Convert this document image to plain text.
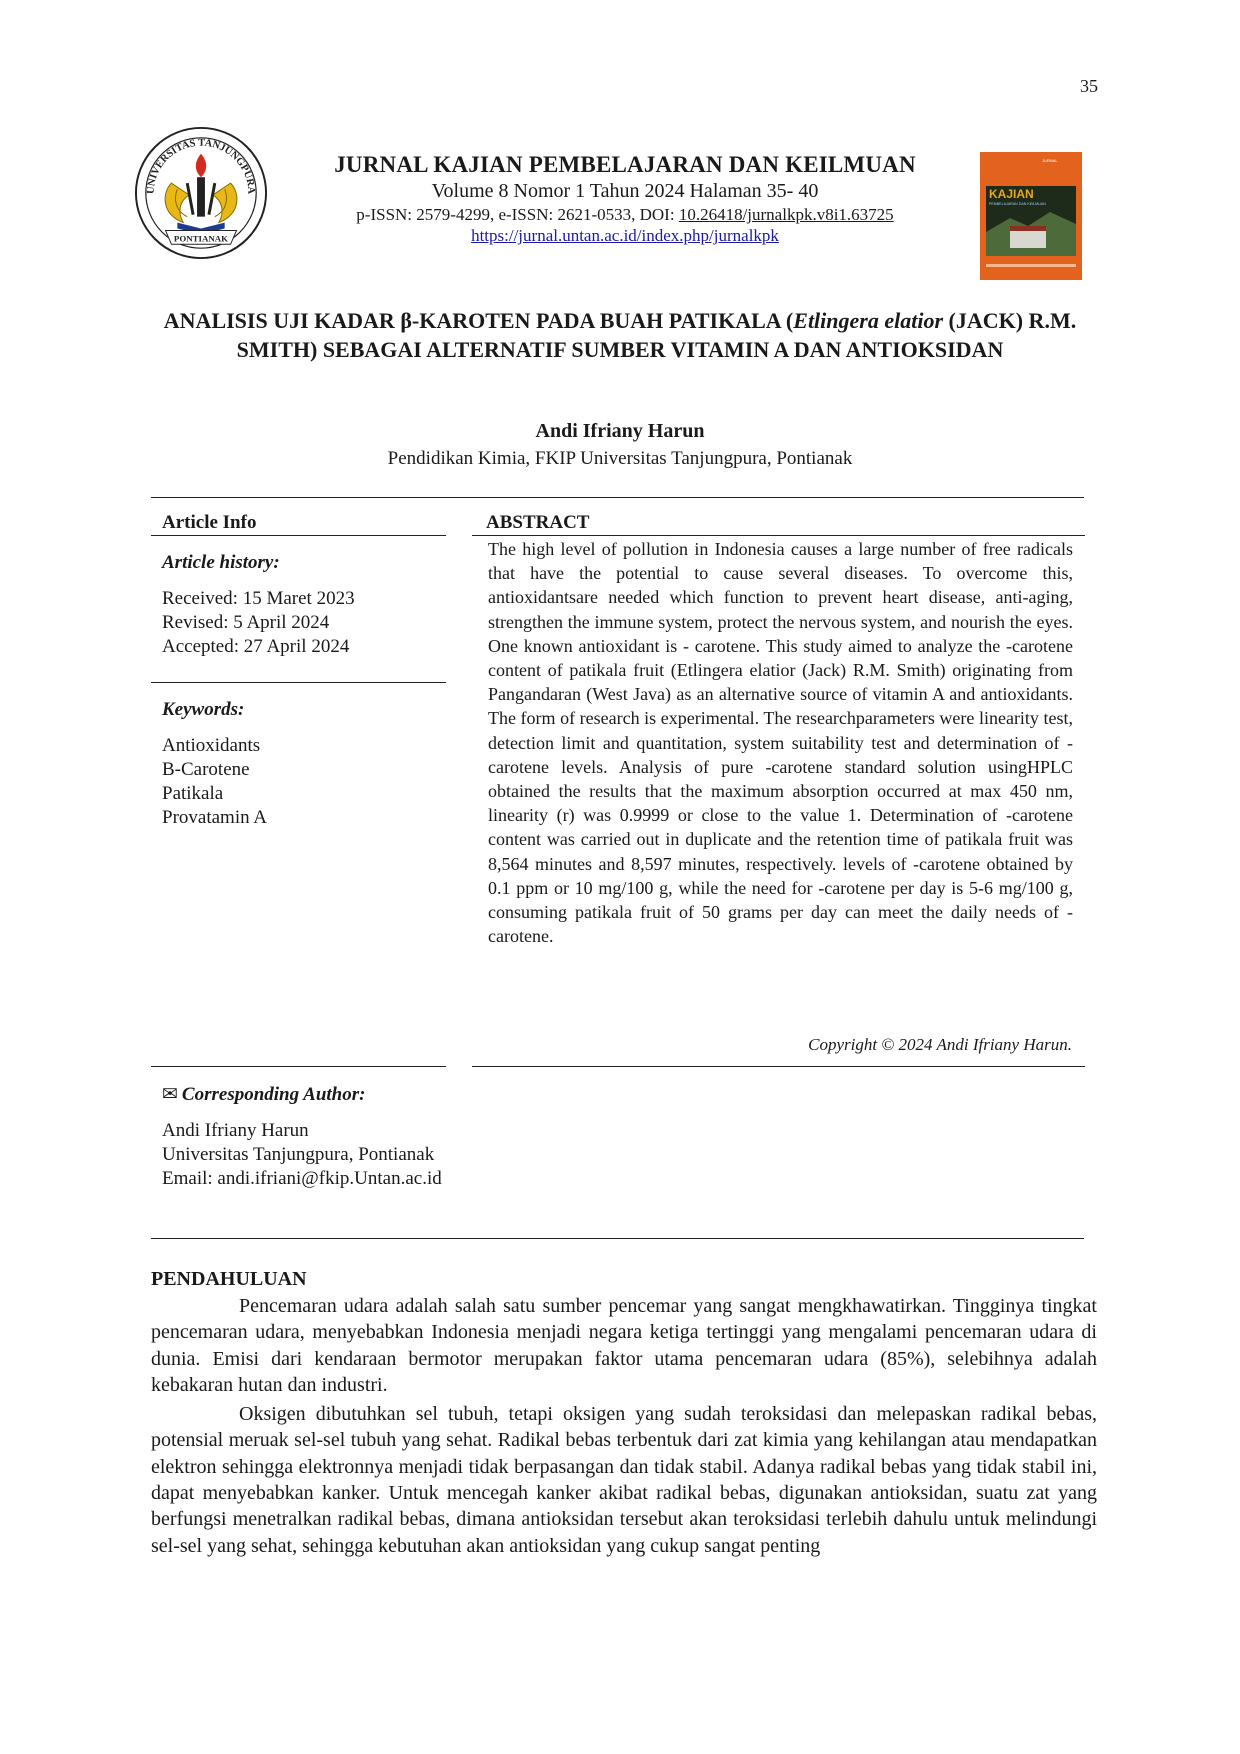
35
UNIVERSITAS TANJUNGPURA
PONTIANAK
JURNAL KAJIAN PEMBELAJARAN DAN KEILMUAN
Volume 8 Nomor 1 Tahun 2024 Halaman 35- 40
p-ISSN: 2579-4299, e-ISSN: 2621-0533, DOI: 10.26418/jurnalkpk.v8i1.63725
https://jurnal.untan.ac.id/index.php/jurnalkpk
JURNAL
KAJIAN
PEMBELAJARAN DAN KEILMUAN
ANALISIS UJI KADAR β-KAROTEN PADA BUAH PATIKALA (Etlingera elatior (JACK) R.M. SMITH) SEBAGAI ALTERNATIF SUMBER VITAMIN A DAN ANTIOKSIDAN
Andi Ifriany Harun
Pendidikan Kimia, FKIP Universitas Tanjungpura, Pontianak
Article Info
Article history:
Received: 15 Maret 2023
Revised: 5 April 2024
Accepted: 27 April 2024
Keywords:
Antioxidants
B-Carotene
Patikala
Provatamin A
ABSTRACT
The high level of pollution in Indonesia causes a large number of free radicals that have the potential to cause several diseases. To overcome this, antioxidantsare needed which function to prevent heart disease, anti-aging, strengthen the immune system, protect the nervous system, and nourish the eyes. One known antioxidant is - carotene. This study aimed to analyze the -carotene content of patikala fruit (Etlingera elatior (Jack) R.M. Smith) originating from Pangandaran (West Java) as an alternative source of vitamin A and antioxidants. The form of research is experimental. The researchparameters were linearity test, detection limit and quantitation, system suitability test and determination of -carotene levels. Analysis of pure -carotene standard solution usingHPLC obtained the results that the maximum absorption occurred at max 450 nm, linearity (r) was 0.9999 or close to the value 1. Determination of -carotene content was carried out in duplicate and the retention time of patikala fruit was 8,564 minutes and 8,597 minutes, respectively. levels of -carotene obtained by 0.1 ppm or 10 mg/100 g, while the need for -carotene per day is 5-6 mg/100 g, consuming patikala fruit of 50 grams per day can meet the daily needs of -carotene.
Copyright © 2024 Andi Ifriany Harun.
✉ Corresponding Author:
Andi Ifriany Harun
Universitas Tanjungpura, Pontianak
Email: andi.ifriani@fkip.Untan.ac.id
PENDAHULUAN

Pencemaran udara adalah salah satu sumber pencemar yang sangat mengkhawatirkan. Tingginya tingkat pencemaran udara, menyebabkan Indonesia menjadi negara ketiga tertinggi yang mengalami pencemaran udara di dunia. Emisi dari kendaraan bermotor merupakan faktor utama pencemaran udara (85%), selebihnya adalah kebakaran hutan dan industri.

Oksigen dibutuhkan sel tubuh, tetapi oksigen yang sudah teroksidasi dan melepaskan radikal bebas, potensial meruak sel-sel tubuh yang sehat. Radikal bebas terbentuk dari zat kimia yang kehilangan atau mendapatkan elektron sehingga elektronnya menjadi tidak berpasangan dan tidak stabil. Adanya radikal bebas yang tidak stabil ini, dapat menyebabkan kanker. Untuk mencegah kanker akibat radikal bebas, digunakan antioksidan, suatu zat yang berfungsi menetralkan radikal bebas, dimana antioksidan tersebut akan teroksidasi terlebih dahulu untuk melindungi sel-sel yang sehat, sehingga kebutuhan akan antioksidan yang cukup sangat penting
